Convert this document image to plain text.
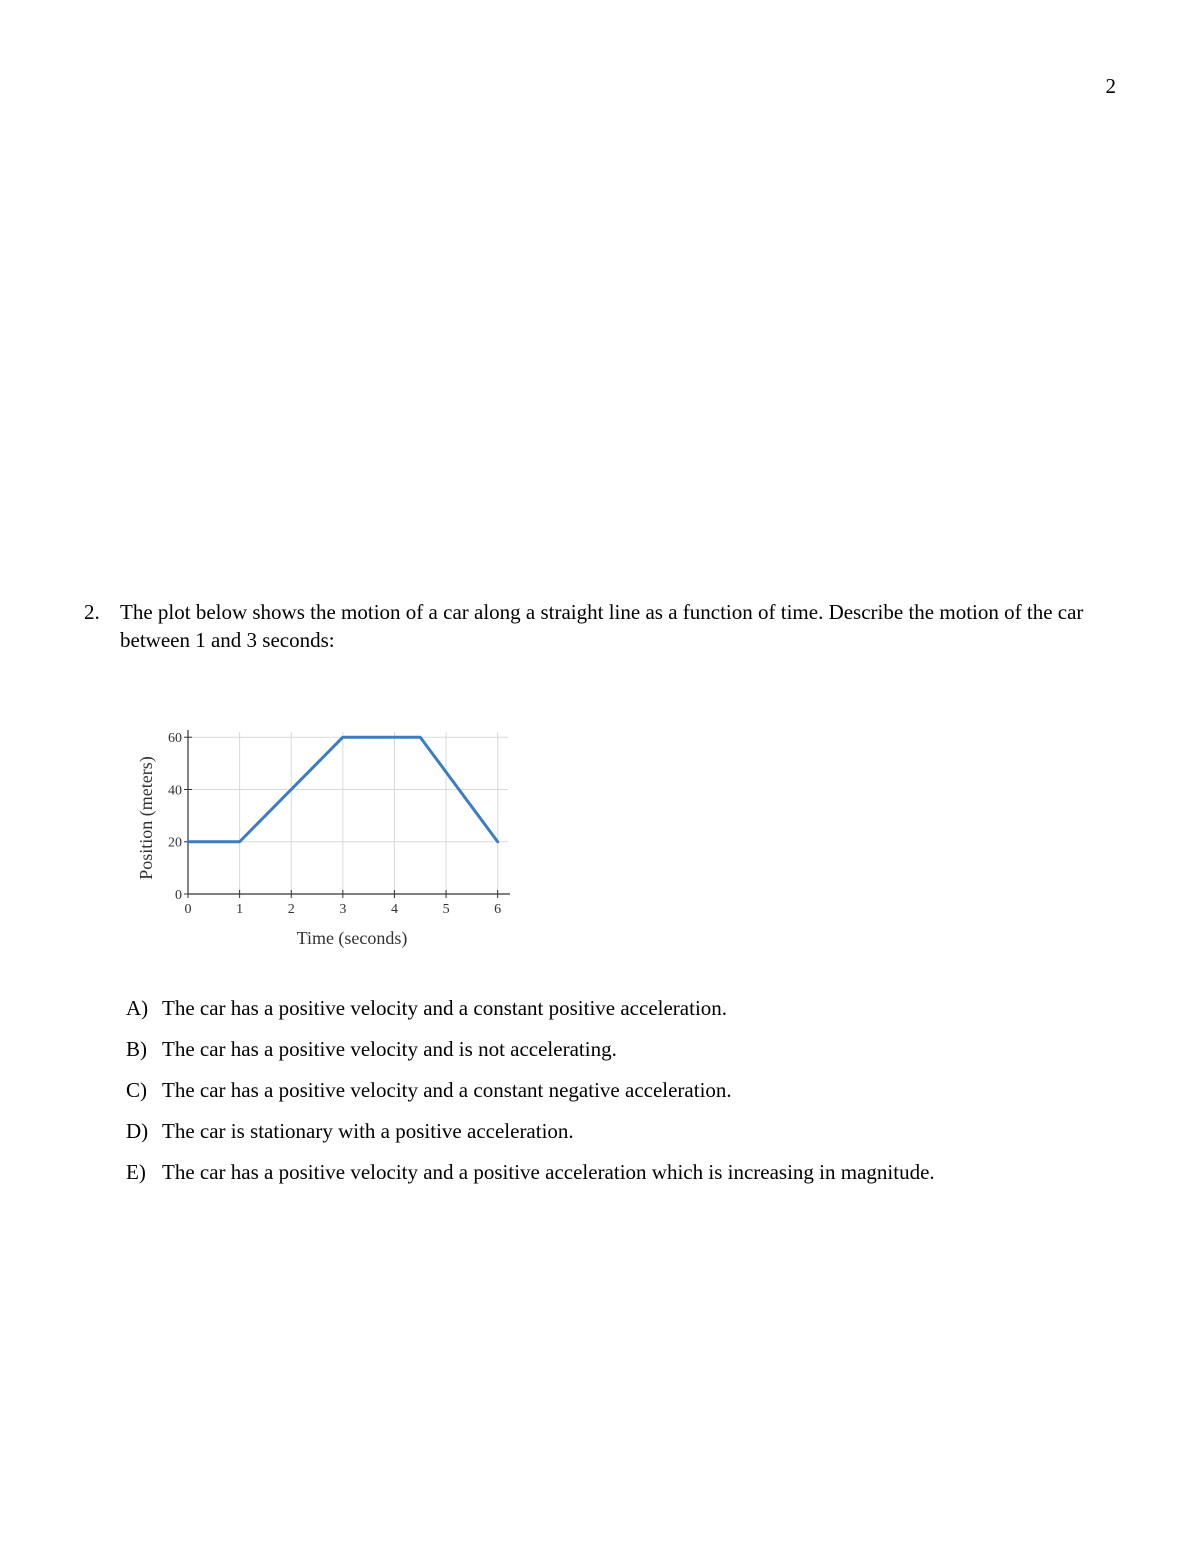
2
2. The plot below shows the motion of a car along a straight line as a function of time. Describe the motion of the car between 1 and 3 seconds:
0	1	2	3	4	5	6
0
20
40
60
Time (seconds)
Position (meters)
A) The car has a positive velocity and a constant positive acceleration.
B) The car has a positive velocity and is not accelerating.
C) The car has a positive velocity and a constant negative acceleration.
D) The car is stationary with a positive acceleration.
E) The car has a positive velocity and a positive acceleration which is increasing in magnitude.
